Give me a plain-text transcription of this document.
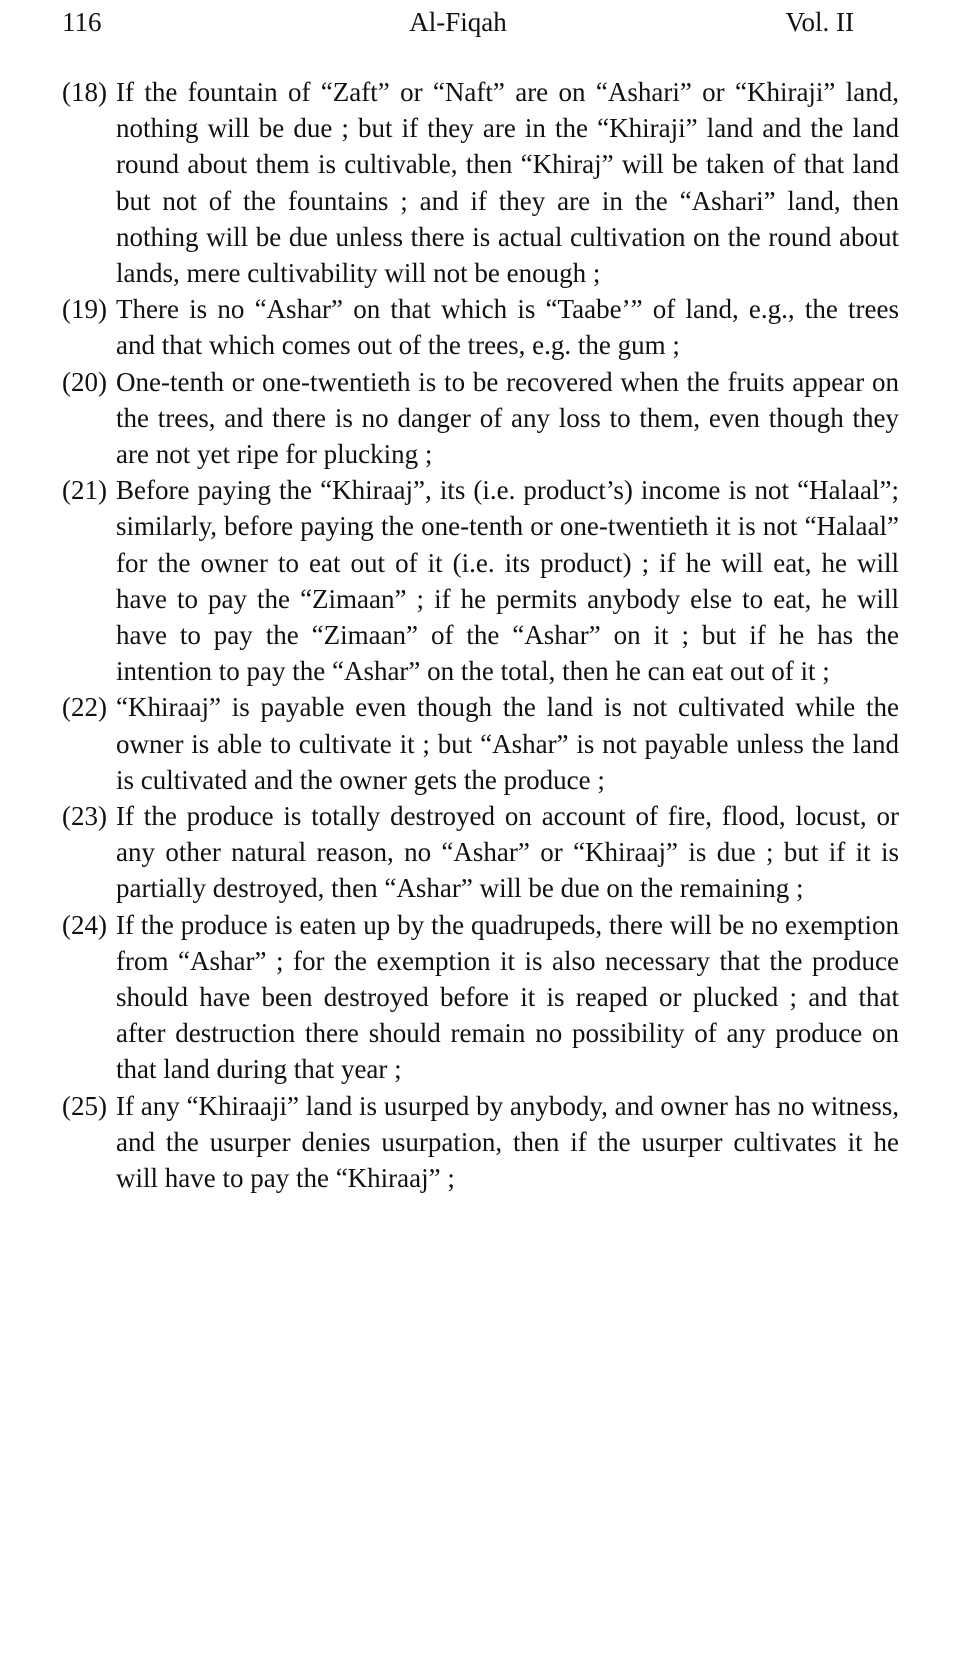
116	Al-Fiqah	Vol. II
(18) If the fountain of “Zaft” or “Naft” are on “Ashari” or “Khiraji” land, nothing will be due ; but if they are in the “Khiraji” land and the land round about them is cultivable, then “Khiraj” will be taken of that land but not of the fountains ; and if they are in the “Ashari” land, then nothing will be due unless there is actual cultivation on the round about lands, mere cultivability will not be enough ;
(19) There is no “Ashar” on that which is “Taabe’” of land, e.g., the trees and that which comes out of the trees, e.g. the gum ;
(20) One-tenth or one-twentieth is to be recovered when the fruits appear on the trees, and there is no danger of any loss to them, even though they are not yet ripe for plucking ;
(21) Before paying the “Khiraaj”, its (i.e. product’s) income is not “Halaal”; similarly, before paying the one-tenth or one-twentieth it is not “Halaal” for the owner to eat out of it (i.e. its product) ; if he will eat, he will have to pay the “Zimaan” ; if he permits anybody else to eat, he will have to pay the “Zimaan” of the “Ashar” on it ; but if he has the intention to pay the “Ashar” on the total, then he can eat out of it ;
(22) “Khiraaj” is payable even though the land is not cultivated while the owner is able to cultivate it ; but “Ashar” is not payable unless the land is cultivated and the owner gets the produce ;
(23) If the produce is totally destroyed on account of fire, flood, locust, or any other natural reason, no “Ashar” or “Khiraaj” is due ; but if it is partially destroyed, then “Ashar” will be due on the remaining ;
(24) If the produce is eaten up by the quadrupeds, there will be no exemption from “Ashar” ; for the exemption it is also necessary that the produce should have been destroyed before it is reaped or plucked ; and that after destruction there should remain no possibility of any produce on that land during that year ;
(25) If any “Khiraaji” land is usurped by anybody, and owner has no witness, and the usurper denies usurpation, then if the usurper cultivates it he will have to pay the “Khiraaj” ;
